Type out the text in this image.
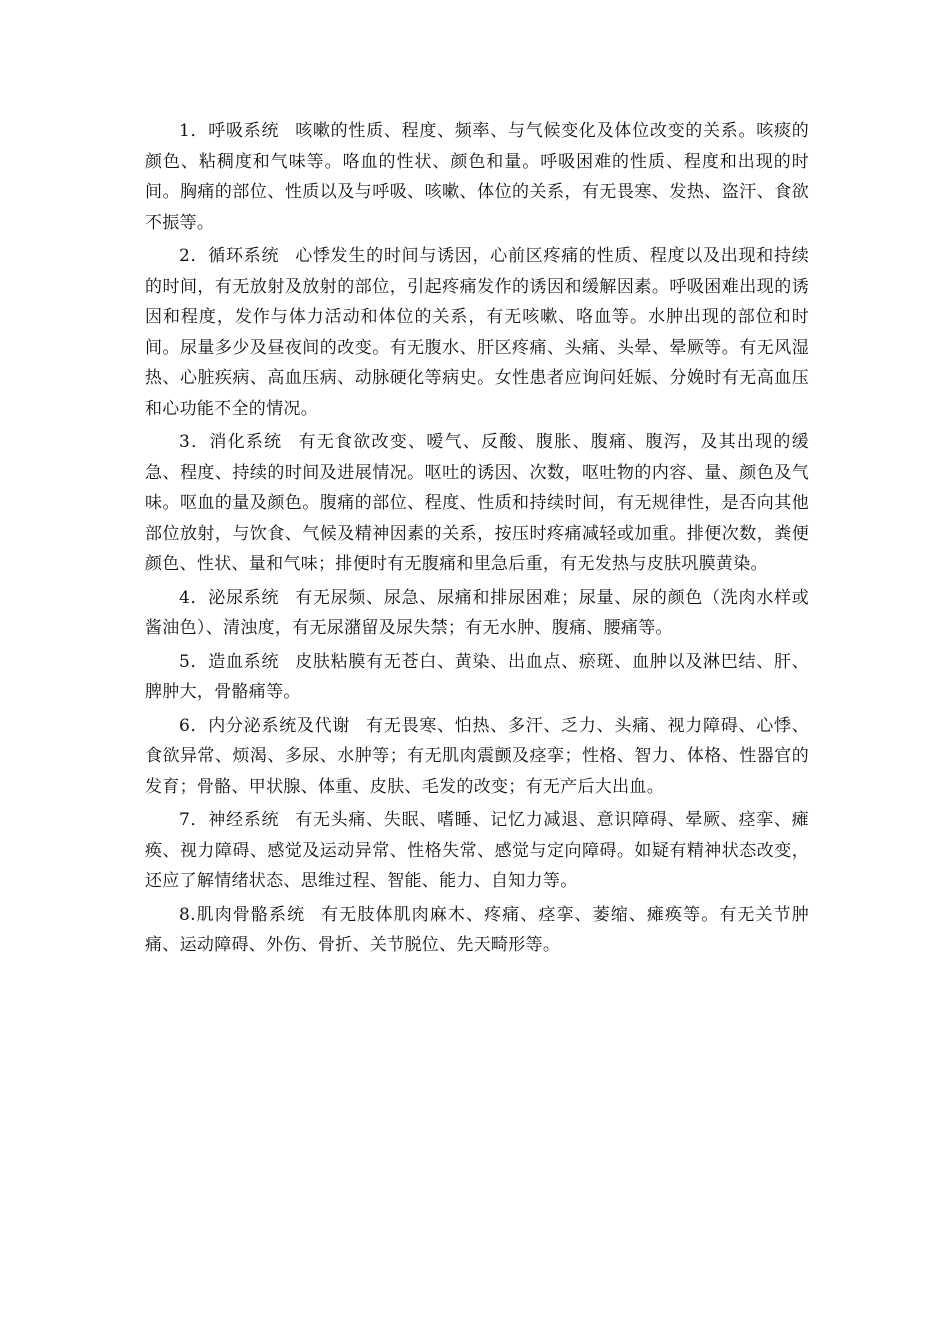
1．呼吸系统 咳嗽的性质、程度、频率、与气候变化及体位改变的关系。咳痰的颜色、粘稠度和气味等。咯血的性状、颜色和量。呼吸困难的性质、程度和出现的时间。胸痛的部位、性质以及与呼吸、咳嗽、体位的关系，有无畏寒、发热、盗汗、食欲不振等。

2．循环系统 心悸发生的时间与诱因，心前区疼痛的性质、程度以及出现和持续的时间，有无放射及放射的部位，引起疼痛发作的诱因和缓解因素。呼吸困难出现的诱因和程度，发作与体力活动和体位的关系，有无咳嗽、咯血等。水肿出现的部位和时间。尿量多少及昼夜间的改变。有无腹水、肝区疼痛、头痛、头晕、晕厥等。有无风湿热、心脏疾病、高血压病、动脉硬化等病史。女性患者应询问妊娠、分娩时有无高血压和心功能不全的情况。

3．消化系统 有无食欲改变、嗳气、反酸、腹胀、腹痛、腹泻，及其出现的缓急、程度、持续的时间及进展情况。呕吐的诱因、次数，呕吐物的内容、量、颜色及气味。呕血的量及颜色。腹痛的部位、程度、性质和持续时间，有无规律性，是否向其他部位放射，与饮食、气候及精神因素的关系，按压时疼痛减轻或加重。排便次数，粪便颜色、性状、量和气味；排便时有无腹痛和里急后重，有无发热与皮肤巩膜黄染。

4．泌尿系统 有无尿频、尿急、尿痛和排尿困难；尿量、尿的颜色（洗肉水样或酱油色）、清浊度，有无尿潴留及尿失禁；有无水肿、腹痛、腰痛等。

5．造血系统 皮肤粘膜有无苍白、黄染、出血点、瘀斑、血肿以及淋巴结、肝、脾肿大，骨骼痛等。

6．内分泌系统及代谢 有无畏寒、怕热、多汗、乏力、头痛、视力障碍、心悸、食欲异常、烦渴、多尿、水肿等；有无肌肉震颤及痉挛；性格、智力、体格、性器官的发育；骨骼、甲状腺、体重、皮肤、毛发的改变；有无产后大出血。

7．神经系统 有无头痛、失眠、嗜睡、记忆力减退、意识障碍、晕厥、痉挛、瘫痪、视力障碍、感觉及运动异常、性格失常、感觉与定向障碍。如疑有精神状态改变，还应了解情绪状态、思维过程、智能、能力、自知力等。

8.肌肉骨骼系统 有无肢体肌肉麻木、疼痛、痉挛、萎缩、瘫痪等。有无关节肿痛、运动障碍、外伤、骨折、关节脱位、先天畸形等。
